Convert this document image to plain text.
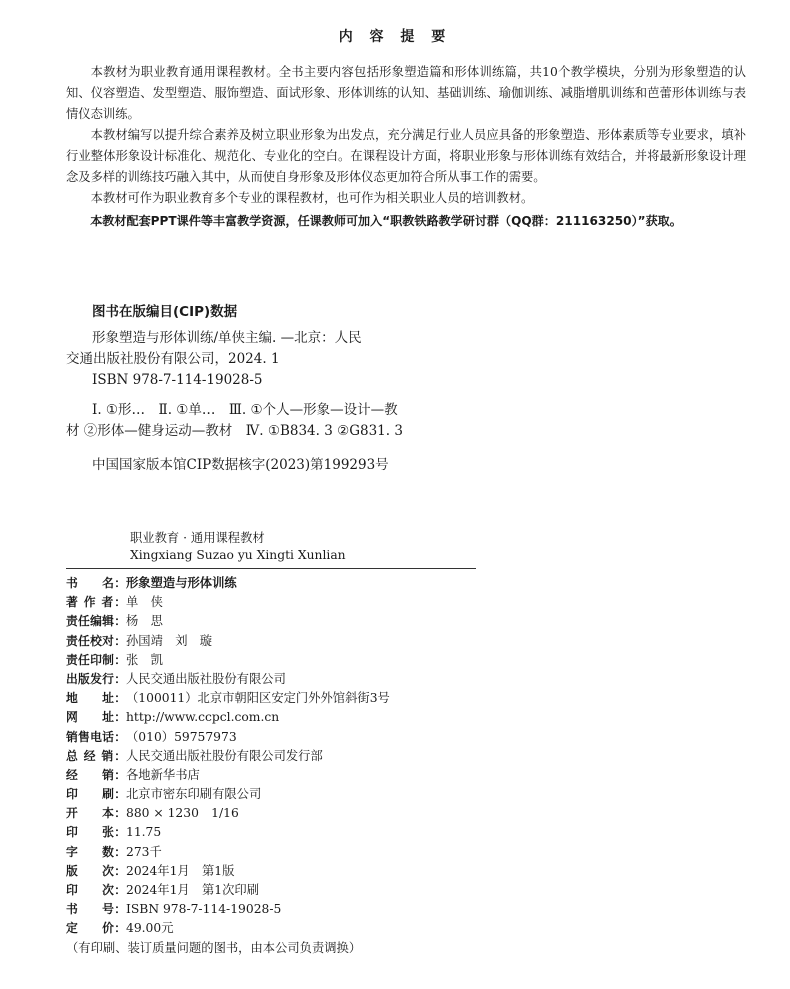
内 容 提 要

本教材为职业教育通用课程教材。全书主要内容包括形象塑造篇和形体训练篇，共10个教学模块，分别为形象塑造的认知、仪容塑造、发型塑造、服饰塑造、面试形象、形体训练的认知、基础训练、瑜伽训练、减脂增肌训练和芭蕾形体训练与表情仪态训练。

本教材编写以提升综合素养及树立职业形象为出发点，充分满足行业人员应具备的形象塑造、形体素质等专业要求，填补行业整体形象设计标准化、规范化、专业化的空白。在课程设计方面，将职业形象与形体训练有效结合，并将最新形象设计理念及多样的训练技巧融入其中，从而使自身形象及形体仪态更加符合所从事工作的需要。

本教材可作为职业教育多个专业的课程教材，也可作为相关职业人员的培训教材。

本教材配套PPT课件等丰富教学资源，任课教师可加入“职教铁路教学研讨群（QQ群：211163250）”获取。

图书在版编目(CIP)数据
形象塑造与形体训练/单侠主编. —北京：人民
交通出版社股份有限公司，2024. 1
ISBN 978-7-114-19028-5
Ⅰ. ①形…　Ⅱ. ①单…　Ⅲ. ①个人—形象—设计—教
材 ②形体—健身运动—教材　Ⅳ. ①B834. 3 ②G831. 3
中国国家版本馆CIP数据核字(2023)第199293号
职业教育 · 通用课程教材
Xingxiang Suzao yu Xingti Xunlian
书　　名：形象塑造与形体训练
著 作 者：单　侠
责任编辑：杨　思
责任校对：孙国靖　刘　璇
责任印制：张　凯
出版发行：人民交通出版社股份有限公司
地　　址：（100011）北京市朝阳区安定门外外馆斜街3号
网　　址：http://www.ccpcl.com.cn
销售电话：（010）59757973
总 经 销：人民交通出版社股份有限公司发行部
经　　销：各地新华书店
印　　刷：北京市密东印刷有限公司
开　　本：880 × 1230　1/16
印　　张：11.75
字　　数：273千
版　　次：2024年1月　第1版
印　　次：2024年1月　第1次印刷
书　　号：ISBN 978-7-114-19028-5
定　　价：49.00元
（有印刷、装订质量问题的图书，由本公司负责调换）
